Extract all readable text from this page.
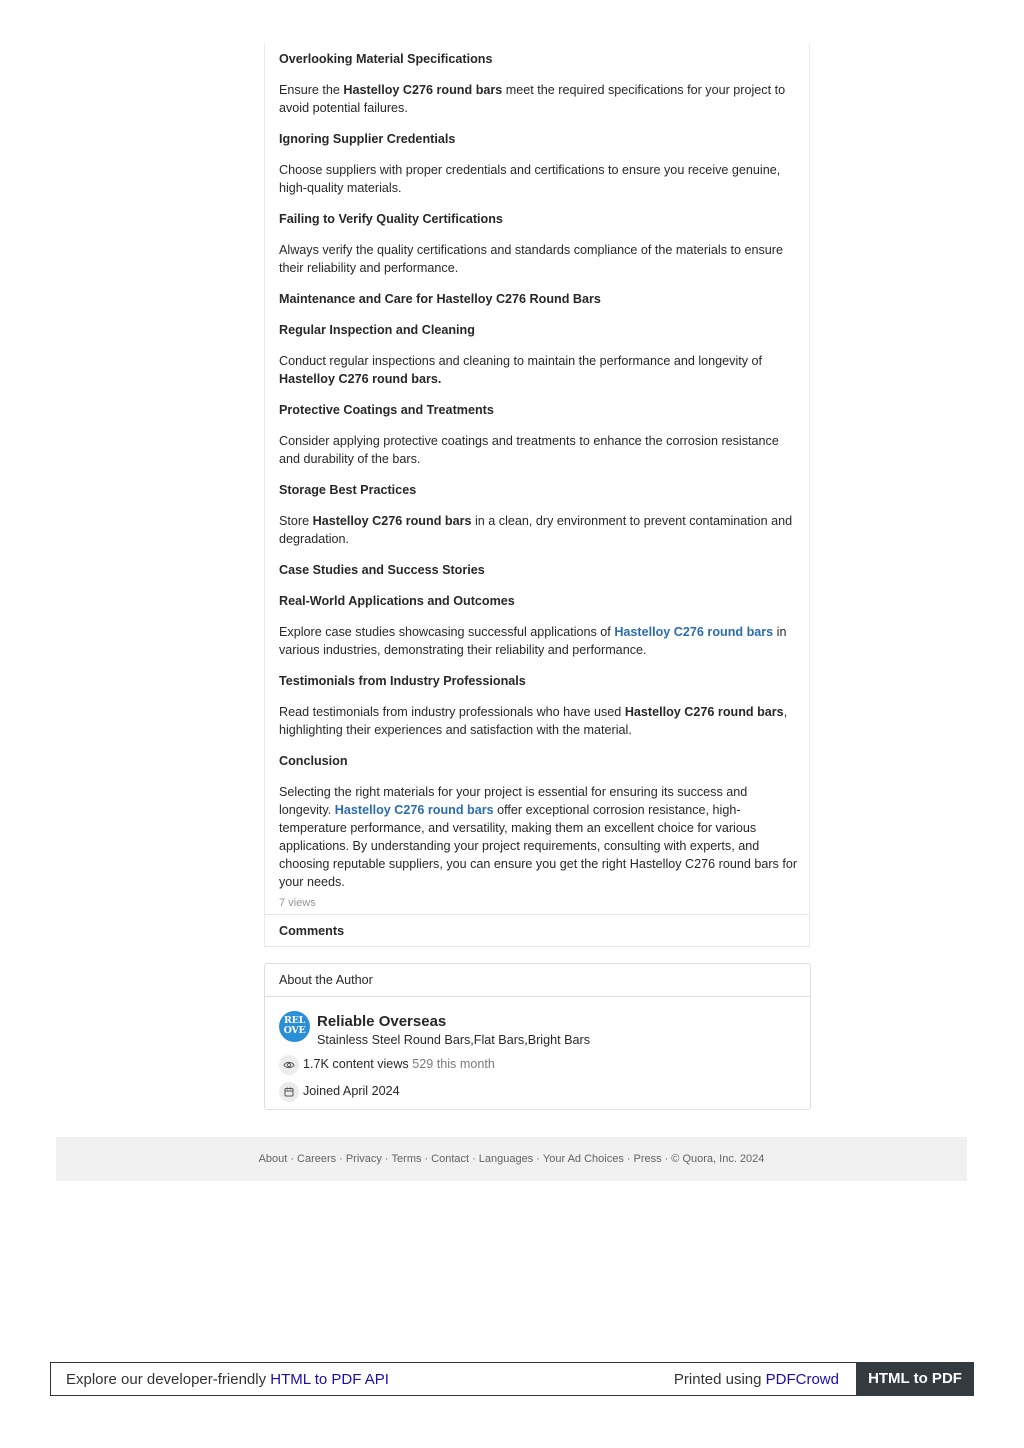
Overlooking Material Specifications

Ensure the Hastelloy C276 round bars meet the required specifications for your project to avoid potential failures.

Ignoring Supplier Credentials

Choose suppliers with proper credentials and certifications to ensure you receive genuine, high-quality materials.

Failing to Verify Quality Certifications

Always verify the quality certifications and standards compliance of the materials to ensure their reliability and performance.

Maintenance and Care for Hastelloy C276 Round Bars

Regular Inspection and Cleaning

Conduct regular inspections and cleaning to maintain the performance and longevity of Hastelloy C276 round bars.

Protective Coatings and Treatments

Consider applying protective coatings and treatments to enhance the corrosion resistance and durability of the bars.

Storage Best Practices

Store Hastelloy C276 round bars in a clean, dry environment to prevent contamination and degradation.

Case Studies and Success Stories

Real-World Applications and Outcomes

Explore case studies showcasing successful applications of Hastelloy C276 round bars in various industries, demonstrating their reliability and performance.

Testimonials from Industry Professionals

Read testimonials from industry professionals who have used Hastelloy C276 round bars, highlighting their experiences and satisfaction with the material.

Conclusion

Selecting the right materials for your project is essential for ensuring its success and longevity. Hastelloy C276 round bars offer exceptional corrosion resistance, high-temperature performance, and versatility, making them an excellent choice for various applications. By understanding your project requirements, consulting with experts, and choosing reputable suppliers, you can ensure you get the right Hastelloy C276 round bars for your needs.

7 views
Comments
About the Author
REL
OVE
Reliable Overseas
Stainless Steel Round Bars,Flat Bars,Bright Bars
1.7K content views 529 this month
Joined April 2024
About · Careers · Privacy · Terms · Contact · Languages · Your Ad Choices · Press · © Quora, Inc. 2024
Explore our developer-friendly HTML to PDF API	Printed using PDFCrowd	HTML to PDF
